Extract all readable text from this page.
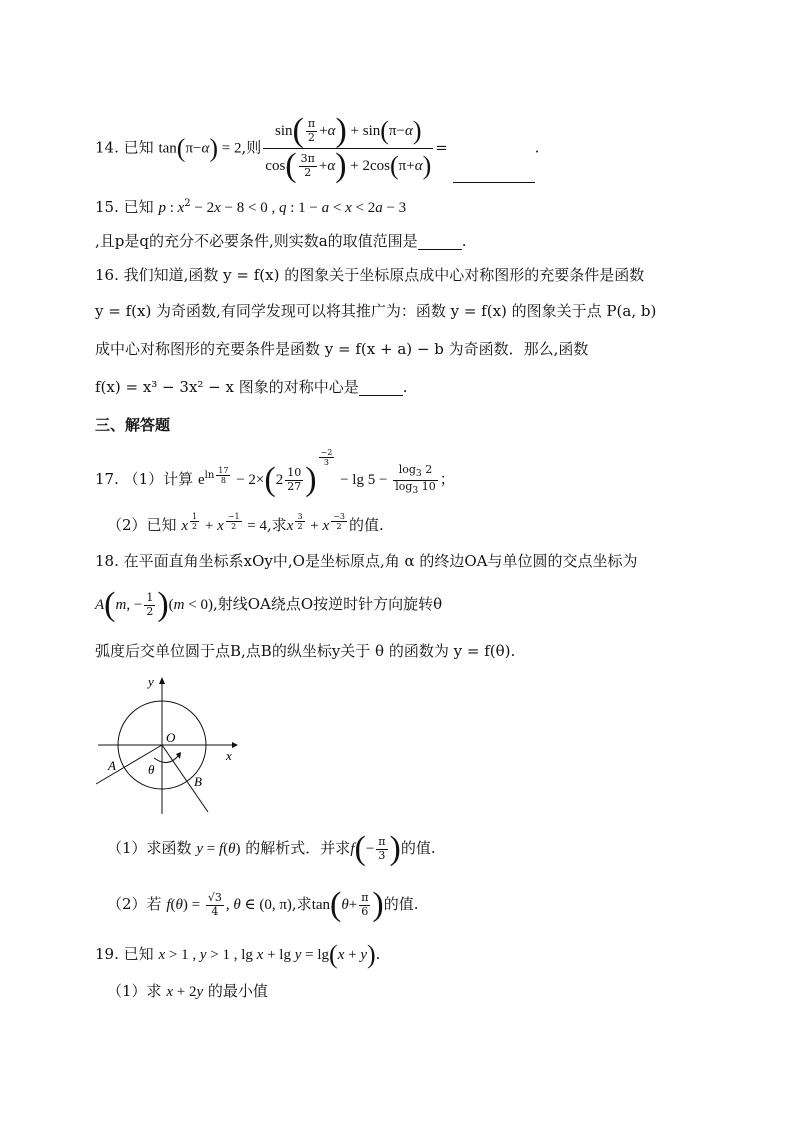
14. 已知 tan(π−α) = 2,则 $\frac{\sin( \frac{\pi}{2} +\alpha) + \sin(\pi-\alpha)}{\cos( \frac{3\pi}{2} +\alpha) + 2\cos(\pi+\alpha)}$ =	.
15. 已知 p : $x^2 - 2x - 8 < 0$ , q : 1 − a < x < 2a − 3
,且p是q的充分不必要条件,则实数a的取值范围是	.
16. 我们知道,函数 y = f(x) 的图象关于坐标原点成中心对称图形的充要条件是函数
y = f(x) 为奇函数,有同学发现可以将其推广为：函数 y = f(x) 的图象关于点 P(a, b)
成中心对称图形的充要条件是函数 y = f(x + a) − b 为奇函数．那么,函数
f(x) = x³ − 3x² − x 图象的对称中心是	.
三、解答题
17. （1）计算 $e^{ln \frac{17}{8}} - 2\times(2 \frac{10}{27}$ )
$^{\frac{-2}{3}}$
− $\lg 5 - \frac{\log_3 2}{\log_3 10}$ ；
（2）已知 x $^{\frac{1}{2}}$ + x $^{\frac{-1}{2}}$ = 4,求x $^{\frac{3}{2}}$ + x $^{\frac{-3}{2}}$ 的值.
18. 在平面直角坐标系xOy中,O是坐标原点,角 α 的终边OA与单位圆的交点坐标为
A(m, − $\frac{1}{2} )(m < 0)$,射线OA绕点O按逆时针方向旋转θ
弧度后交单位圆于点B,点B的纵坐标y关于 θ 的函数为 y = f(θ).
y
x
O
A
B
θ
（1）求函数 y = f(θ) 的解析式．并求$f(- \frac{\pi}{3}$ )的值.
（2）若 $f(\theta) = \frac{√3}{4}$ , θ ∈ (0, π),求$\tan(\theta+ \frac{\pi}{6}$ )的值.
19. 已知 x > 1 , y > 1 , lg x + lg y = lg(x + y).
（1）求 x + 2y 的最小值
